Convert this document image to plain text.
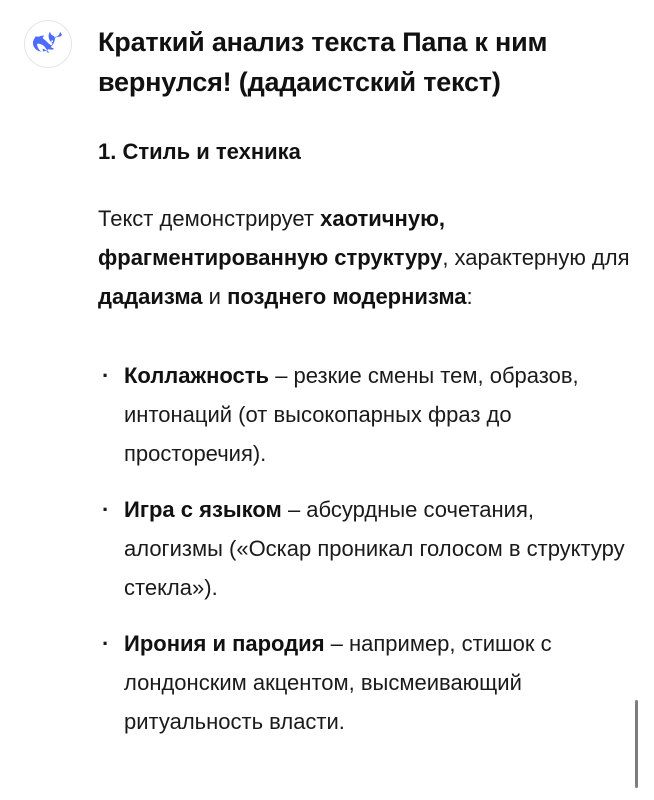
Краткий анализ текста Папа к ним вернулся! (дадаистский текст)
1. Стиль и техника

Текст демонстрирует хаотичную, фрагментированную структуру, характерную для дадаизма и позднего модернизма:

· Коллажность – резкие смены тем, образов, интонаций (от высокопарных фраз до просторечия).
· Игра с языком – абсурдные сочетания, алогизмы («Оскар проникал голосом в структуру стекла»).
· Ирония и пародия – например, стишок с лондонским акцентом, высмеивающий ритуальность власти.
